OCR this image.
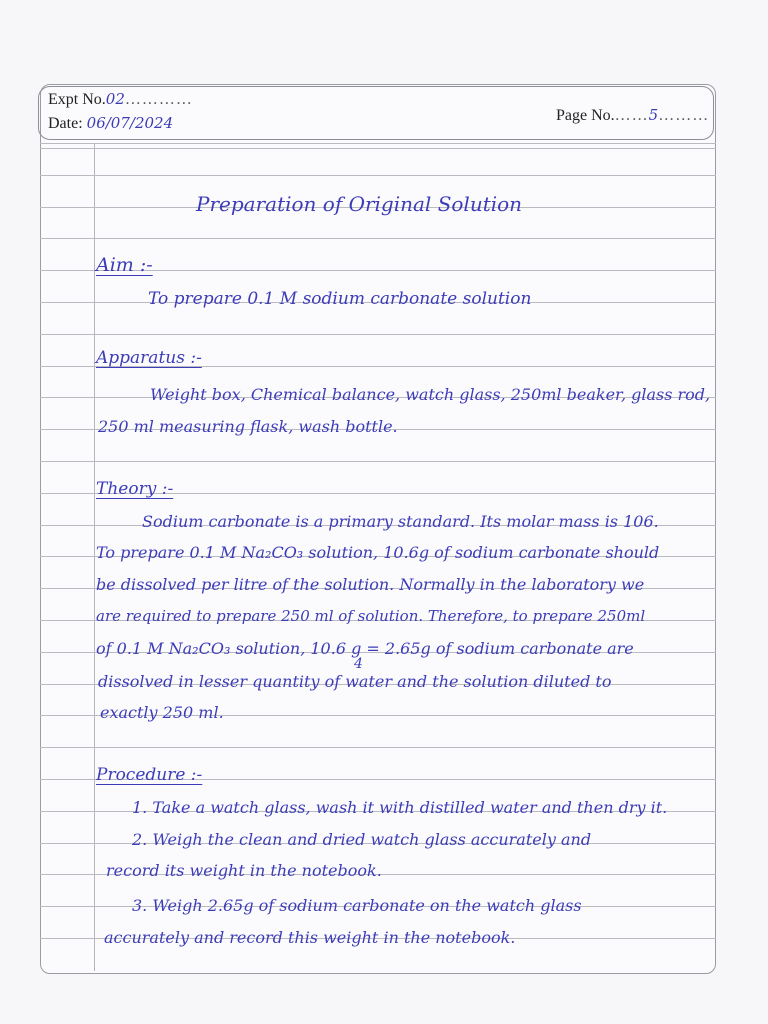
Expt No.02…………
Date: 06/07/2024	Page No.……5………
Preparation of Original Solution
Aim :-
To prepare 0.1 M sodium carbonate solution
Apparatus :-
Weight box, Chemical balance, watch glass, 250ml beaker, glass rod,
250 ml measuring flask, wash bottle.
Theory :-
Sodium carbonate is a primary standard. Its molar mass is 106.
To prepare 0.1 M Na₂CO₃ solution, 10.6g of sodium carbonate should
be dissolved per litre of the solution. Normally in the laboratory we
are required to prepare 250 ml of solution. Therefore, to prepare 250ml
of 0.1 M Na₂CO₃ solution, 10.6 g = 2.65g of sodium carbonate are
4
dissolved in lesser quantity of water and the solution diluted to
exactly 250 ml.
Procedure :-
1. Take a watch glass, wash it with distilled water and then dry it.
2. Weigh the clean and dried watch glass accurately and
record its weight in the notebook.
3. Weigh 2.65g of sodium carbonate on the watch glass
accurately and record this weight in the notebook.
